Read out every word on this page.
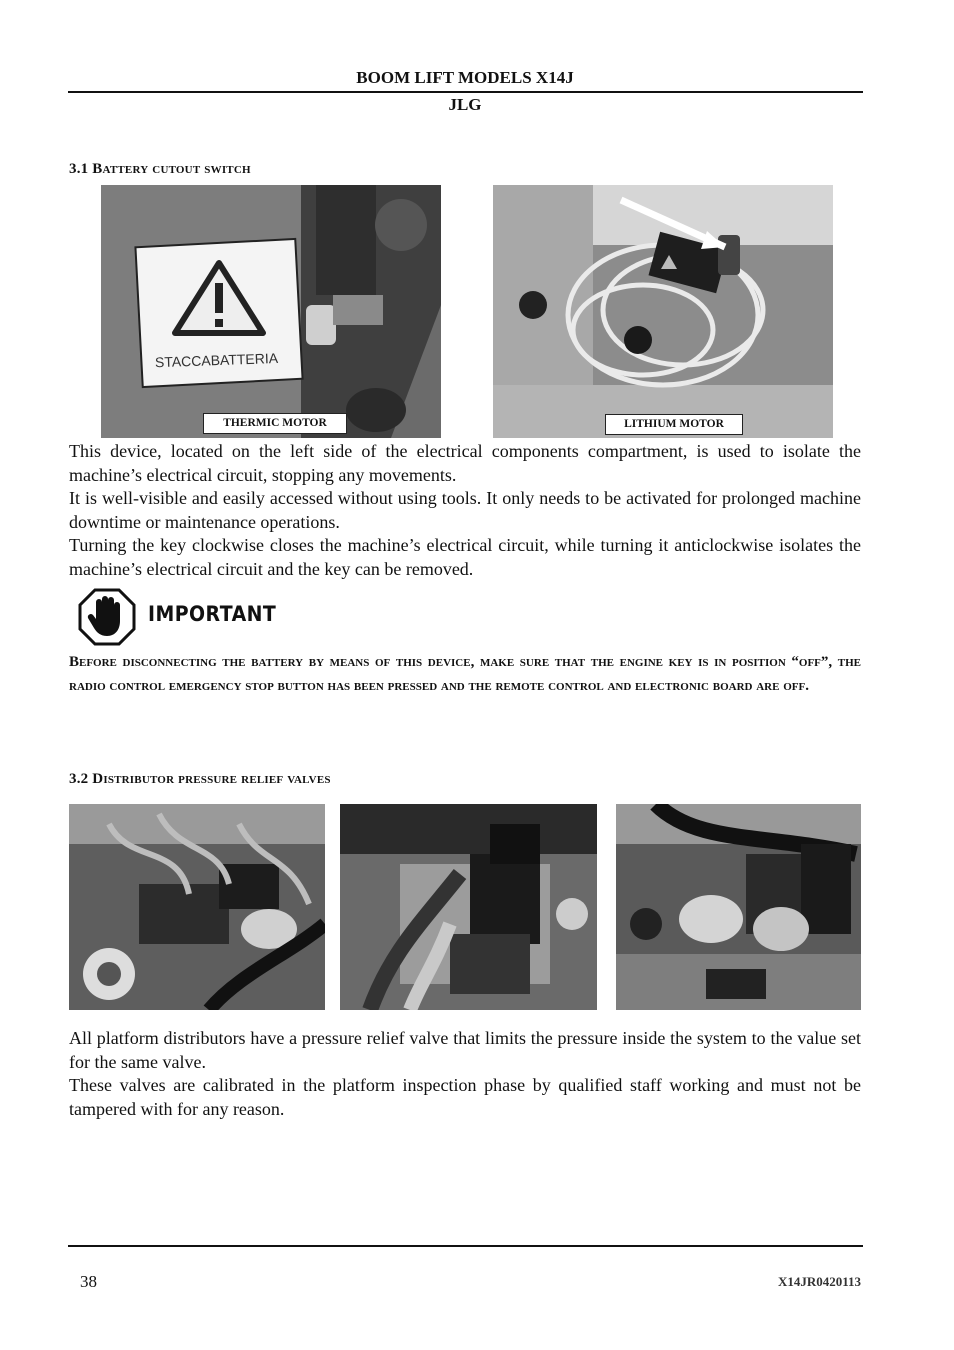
BOOM LIFT MODELS X14J
JLG
3.1 Battery cutout switch
STACCABATTERIA
THERMIC MOTOR	LITHIUM MOTOR

This device, located on the left side of the electrical components compartment, is used to isolate the machine’s electrical circuit, stopping any movements.

It is well-visible and easily accessed without using tools. It only needs to be activated for prolonged machine downtime or maintenance operations.

Turning the key clockwise closes the machine’s electrical circuit, while turning it anticlockwise isolates the machine’s electrical circuit and the key can be removed.

IMPORTANT
Before disconnecting the battery by means of this device, make sure that the engine key is in position “off”, the radio control emergency stop button has been pressed and the remote control and electronic board are off.
3.2 Distributor pressure relief valves

All platform distributors have a pressure relief valve that limits the pressure inside the system to the value set for the same valve.

These valves are calibrated in the platform inspection phase by qualified staff working and must not be tampered with for any reason.

38	X14JR0420113
